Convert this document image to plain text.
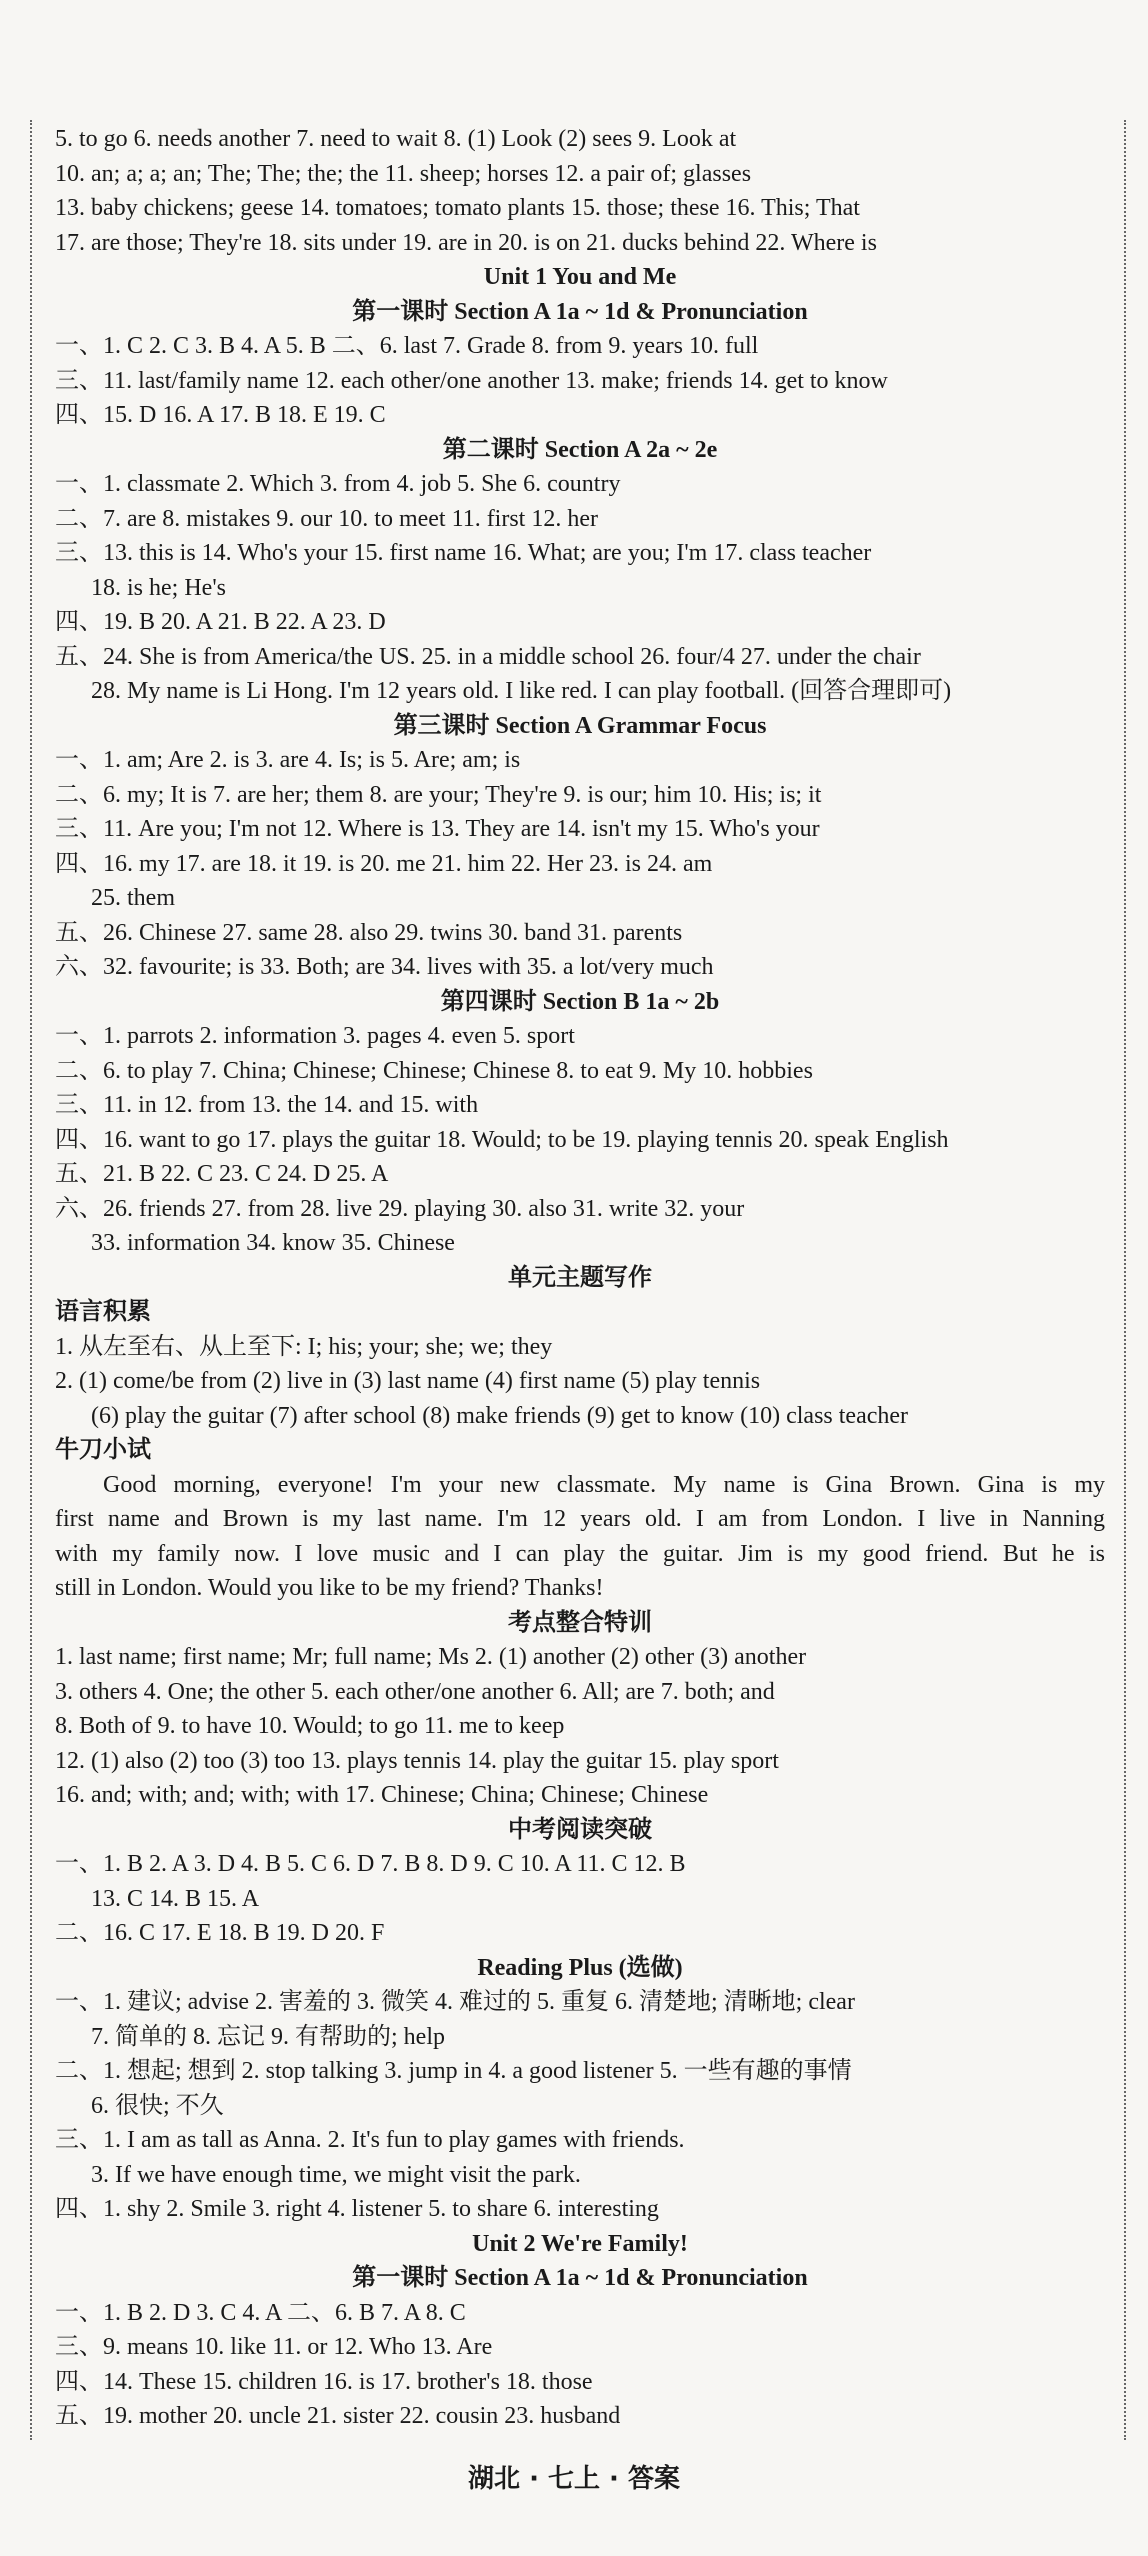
5. to go 6. needs another 7. need to wait 8. (1) Look (2) sees 9. Look at
10. an; a; a; an; The; The; the; the 11. sheep; horses 12. a pair of; glasses
13. baby chickens; geese 14. tomatoes; tomato plants 15. those; these 16. This; That
17. are those; They're 18. sits under 19. are in 20. is on 21. ducks behind 22. Where is
Unit 1 You and Me
第一课时 Section A 1a ~ 1d & Pronunciation
一、1. C 2. C 3. B 4. A 5. B 二、6. last 7. Grade 8. from 9. years 10. full
三、11. last/family name 12. each other/one another 13. make; friends 14. get to know
四、15. D 16. A 17. B 18. E 19. C
第二课时 Section A 2a ~ 2e
一、1. classmate 2. Which 3. from 4. job 5. She 6. country
二、7. are 8. mistakes 9. our 10. to meet 11. first 12. her
三、13. this is 14. Who's your 15. first name 16. What; are you; I'm 17. class teacher
18. is he; He's
四、19. B 20. A 21. B 22. A 23. D
五、24. She is from America/the US. 25. in a middle school 26. four/4 27. under the chair
28. My name is Li Hong. I'm 12 years old. I like red. I can play football. (回答合理即可)
第三课时 Section A Grammar Focus
一、1. am; Are 2. is 3. are 4. Is; is 5. Are; am; is
二、6. my; It is 7. are her; them 8. are your; They're 9. is our; him 10. His; is; it
三、11. Are you; I'm not 12. Where is 13. They are 14. isn't my 15. Who's your
四、16. my 17. are 18. it 19. is 20. me 21. him 22. Her 23. is 24. am
25. them
五、26. Chinese 27. same 28. also 29. twins 30. band 31. parents
六、32. favourite; is 33. Both; are 34. lives with 35. a lot/very much
第四课时 Section B 1a ~ 2b
一、1. parrots 2. information 3. pages 4. even 5. sport
二、6. to play 7. China; Chinese; Chinese; Chinese 8. to eat 9. My 10. hobbies
三、11. in 12. from 13. the 14. and 15. with
四、16. want to go 17. plays the guitar 18. Would; to be 19. playing tennis 20. speak English
五、21. B 22. C 23. C 24. D 25. A
六、26. friends 27. from 28. live 29. playing 30. also 31. write 32. your
33. information 34. know 35. Chinese
单元主题写作
语言积累
1. 从左至右、从上至下: I; his; your; she; we; they
2. (1) come/be from (2) live in (3) last name (4) first name (5) play tennis
(6) play the guitar (7) after school (8) make friends (9) get to know (10) class teacher
牛刀小试
Good morning, everyone! I'm your new classmate. My name is Gina Brown. Gina is my
first name and Brown is my last name. I'm 12 years old. I am from London. I live in Nanning
with my family now. I love music and I can play the guitar. Jim is my good friend. But he is
still in London. Would you like to be my friend? Thanks!
考点整合特训
1. last name; first name; Mr; full name; Ms 2. (1) another (2) other (3) another
3. others 4. One; the other 5. each other/one another 6. All; are 7. both; and
8. Both of 9. to have 10. Would; to go 11. me to keep
12. (1) also (2) too (3) too 13. plays tennis 14. play the guitar 15. play sport
16. and; with; and; with; with 17. Chinese; China; Chinese; Chinese
中考阅读突破
一、1. B 2. A 3. D 4. B 5. C 6. D 7. B 8. D 9. C 10. A 11. C 12. B
13. C 14. B 15. A
二、16. C 17. E 18. B 19. D 20. F
Reading Plus (选做)
一、1. 建议; advise 2. 害羞的 3. 微笑 4. 难过的 5. 重复 6. 清楚地; 清晰地; clear
7. 简单的 8. 忘记 9. 有帮助的; help
二、1. 想起; 想到 2. stop talking 3. jump in 4. a good listener 5. 一些有趣的事情
6. 很快; 不久
三、1. I am as tall as Anna. 2. It's fun to play games with friends.
3. If we have enough time, we might visit the park.
四、1. shy 2. Smile 3. right 4. listener 5. to share 6. interesting
Unit 2 We're Family!
第一课时 Section A 1a ~ 1d & Pronunciation
一、1. B 2. D 3. C 4. A 二、6. B 7. A 8. C
三、9. means 10. like 11. or 12. Who 13. Are
四、14. These 15. children 16. is 17. brother's 18. those
五、19. mother 20. uncle 21. sister 22. cousin 23. husband
湖北 · 七上 · 答案
